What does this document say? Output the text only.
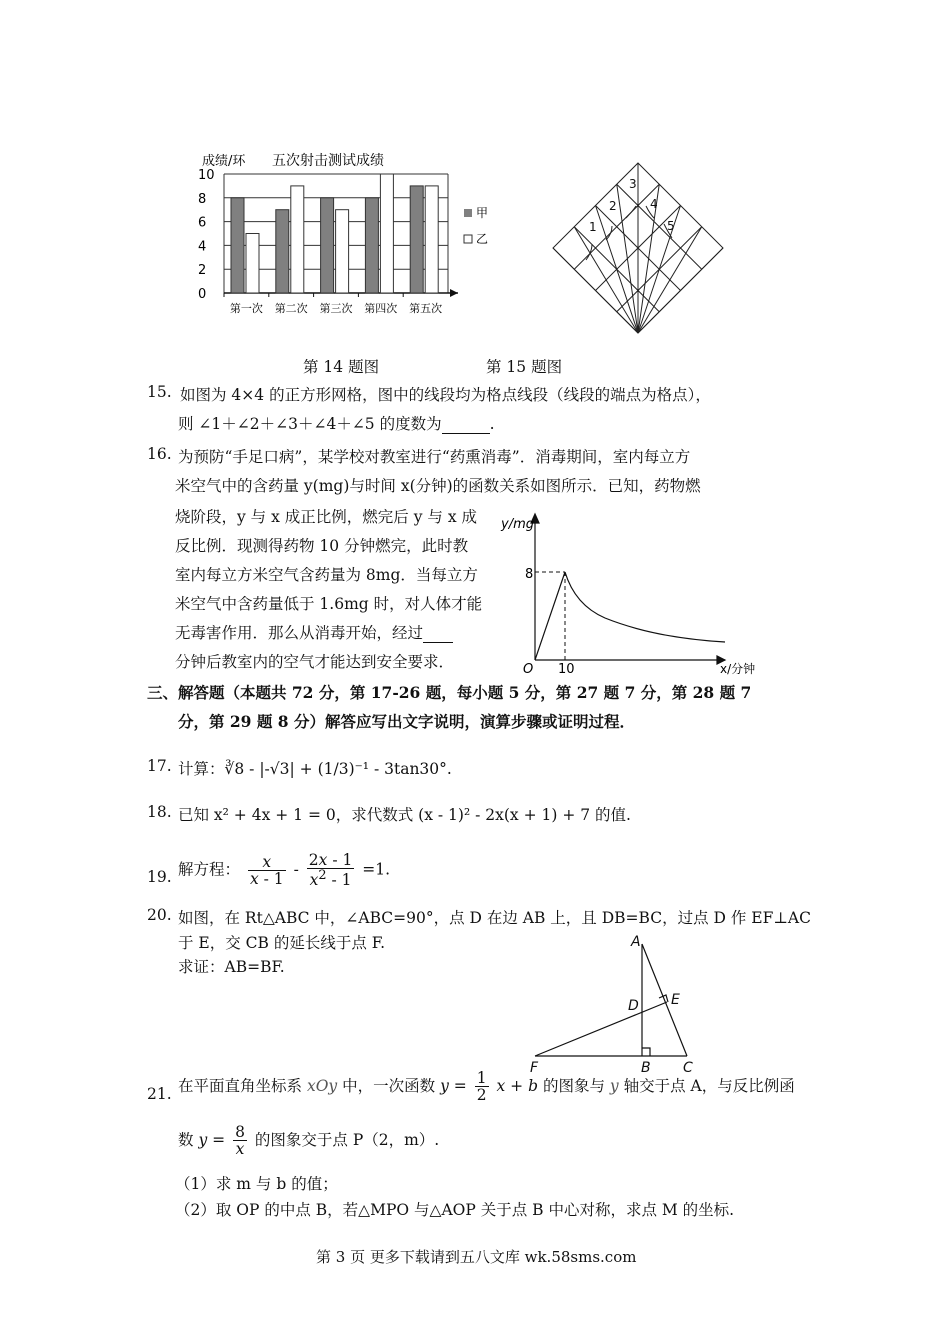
成绩/环 五次射击测试成绩
0
2
4
6
8
10
第一次 第二次 第三次 第四次 第五次
甲
乙
1
2
3
4
5
第 14 题图	第 15 题图
15. 如图为 4×4 的正方形网格，图中的线段均为格点线段（线段的端点为格点），
则 ∠1＋∠2＋∠3＋∠4＋∠5 的度数为	.
16. 为预防“手足口病”，某学校对教室进行“药熏消毒”．消毒期间，室内每立方
米空气中的含药量 y(mg)与时间 x(分钟)的函数关系如图所示．已知，药物燃
烧阶段，y 与 x 成正比例，燃完后 y 与 x 成
反比例．现测得药物 10 分钟燃完，此时教
室内每立方米空气含药量为 8mg．当每立方
米空气中含药量低于 1.6mg 时，对人体才能
无毒害作用．那么从消毒开始，经过
分钟后教室内的空气才能达到安全要求．
y/mg
8
O 10	x/分钟
三、解答题（本题共 72 分，第 17-26 题，每小题 5 分，第 27 题 7 分，第 28 题 7
分，第 29 题 8 分）解答应写出文字说明，演算步骤或证明过程．
17. 计算：∛8 - |-√3| + (1/3)⁻¹ - 3tan30°.
18. 已知 x² + 4x + 1 = 0，求代数式 (x - 1)² - 2x(x + 1) + 7 的值.
19. 解方程： $\frac{x}{x - 1} - \frac{2x - 1}{x^2 - 1} =1$.
20. 如图，在 Rt△ABC 中，∠ABC=90°，点 D 在边 AB 上，且 DB=BC，过点 D 作 EF⊥AC
于 E，交 CB 的延长线于点 F.
求证：AB=BF.
A
D E
F	B C
21. 在平面直角坐标系 xOy 中，一次函数 $y = \frac{1}{2}$ x + b 的图象与 y 轴交于点 A，与反比例函
数 $y = \frac{8}{x}$ 的图象交于点 P（2，m）.
（1）求 m 与 b 的值；
（2）取 OP 的中点 B，若△MPO 与△AOP 关于点 B 中心对称，求点 M 的坐标.
第 3 页 更多下载请到五八文库 wk.58sms.com
